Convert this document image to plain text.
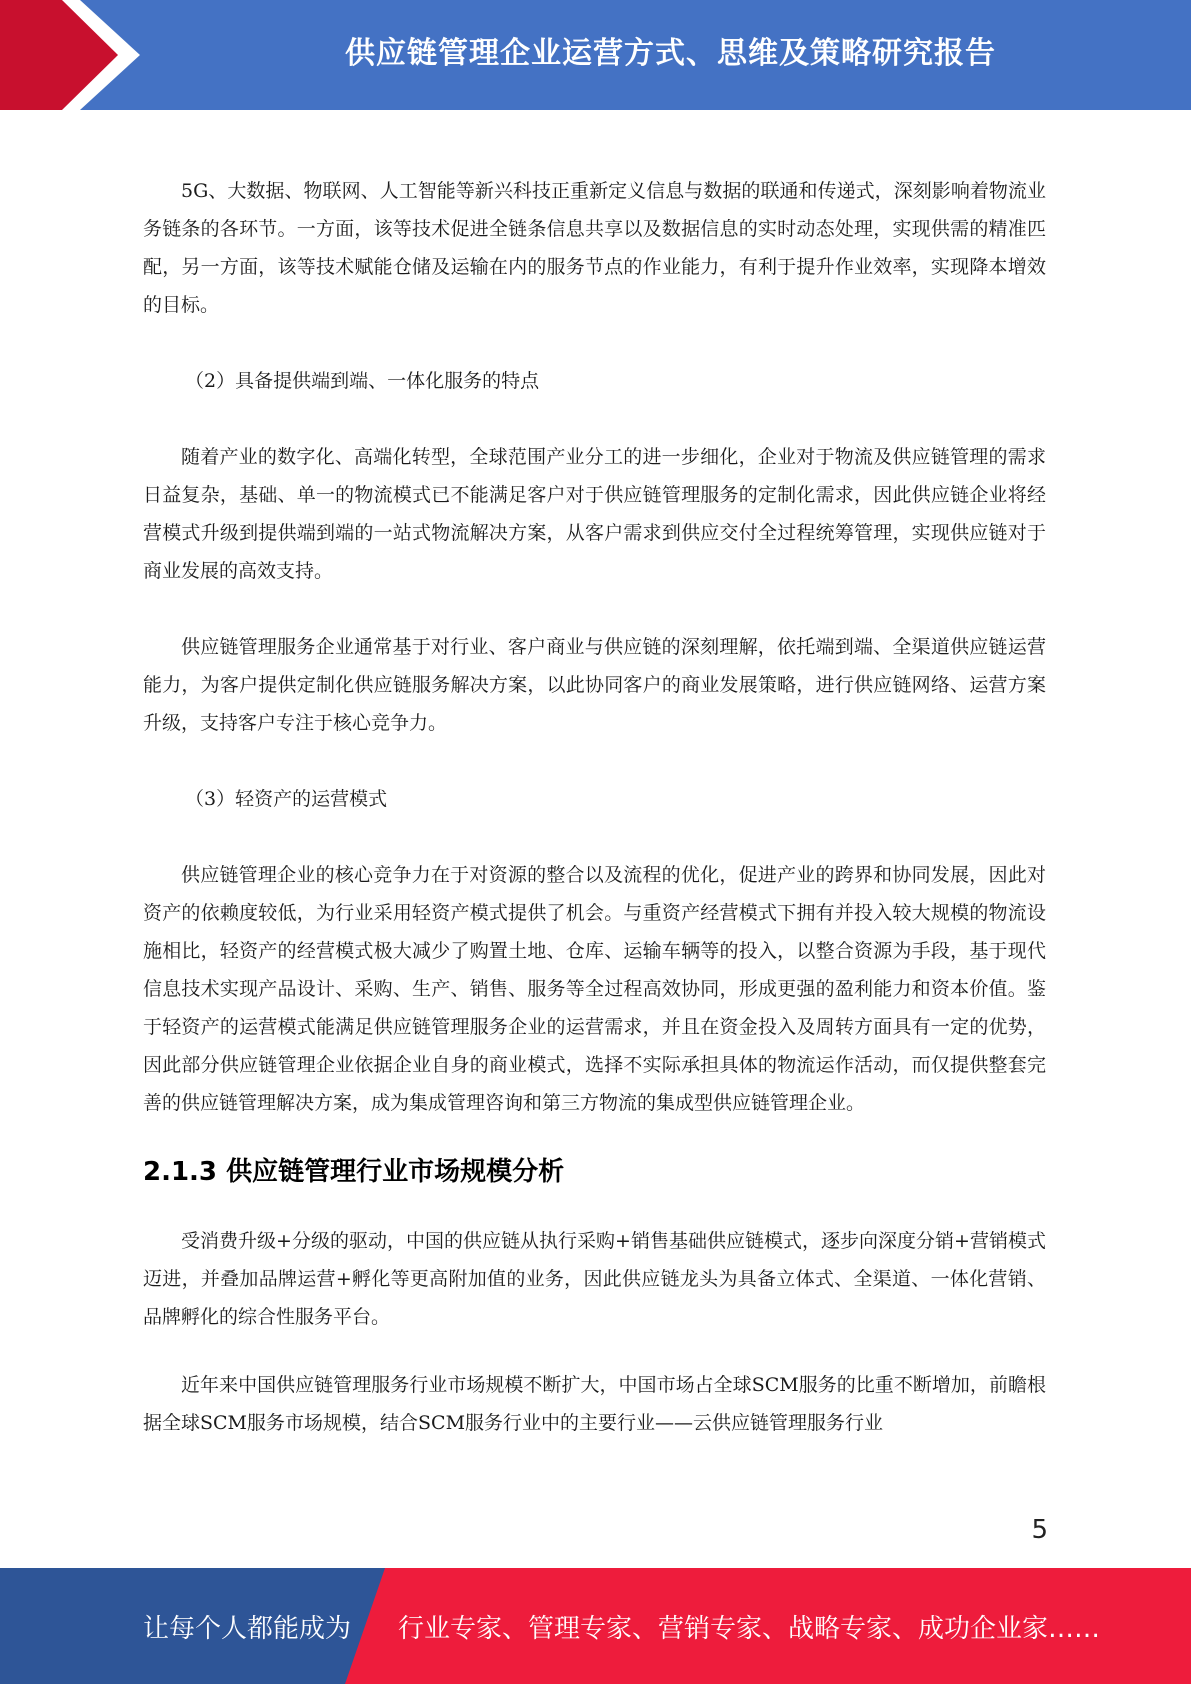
供应链管理企业运营方式、思维及策略研究报告

5G、大数据、物联网、人工智能等新兴科技正重新定义信息与数据的联通和传递式，深刻影响着物流业务链条的各环节。一方面，该等技术促进全链条信息共享以及数据信息的实时动态处理，实现供需的精准匹配，另一方面，该等技术赋能仓储及运输在内的服务节点的作业能力，有利于提升作业效率，实现降本增效的目标。

（2）具备提供端到端、一体化服务的特点

随着产业的数字化、高端化转型，全球范围产业分工的进一步细化，企业对于物流及供应链管理的需求日益复杂，基础、单一的物流模式已不能满足客户对于供应链管理服务的定制化需求，因此供应链企业将经营模式升级到提供端到端的一站式物流解决方案，从客户需求到供应交付全过程统筹管理，实现供应链对于商业发展的高效支持。

供应链管理服务企业通常基于对行业、客户商业与供应链的深刻理解，依托端到端、全渠道供应链运营能力，为客户提供定制化供应链服务解决方案，以此协同客户的商业发展策略，进行供应链网络、运营方案升级，支持客户专注于核心竞争力。

（3）轻资产的运营模式

供应链管理企业的核心竞争力在于对资源的整合以及流程的优化，促进产业的跨界和协同发展，因此对资产的依赖度较低，为行业采用轻资产模式提供了机会。与重资产经营模式下拥有并投入较大规模的物流设施相比，轻资产的经营模式极大减少了购置土地、仓库、运输车辆等的投入，以整合资源为手段，基于现代信息技术实现产品设计、采购、生产、销售、服务等全过程高效协同，形成更强的盈利能力和资本价值。鉴于轻资产的运营模式能满足供应链管理服务企业的运营需求，并且在资金投入及周转方面具有一定的优势，因此部分供应链管理企业依据企业自身的商业模式，选择不实际承担具体的物流运作活动，而仅提供整套完善的供应链管理解决方案，成为集成管理咨询和第三方物流的集成型供应链管理企业。

2.1.3 供应链管理行业市场规模分析

受消费升级+分级的驱动，中国的供应链从执行采购+销售基础供应链模式，逐步向深度分销+营销模式迈进，并叠加品牌运营+孵化等更高附加值的业务，因此供应链龙头为具备立体式、全渠道、一体化营销、品牌孵化的综合性服务平台。

近年来中国供应链管理服务行业市场规模不断扩大，中国市场占全球SCM服务的比重不断增加，前瞻根据全球SCM服务市场规模，结合SCM服务行业中的主要行业——云供应链管理服务行业

5
让每个人都能成为 行业专家、管理专家、营销专家、战略专家、成功企业家……
